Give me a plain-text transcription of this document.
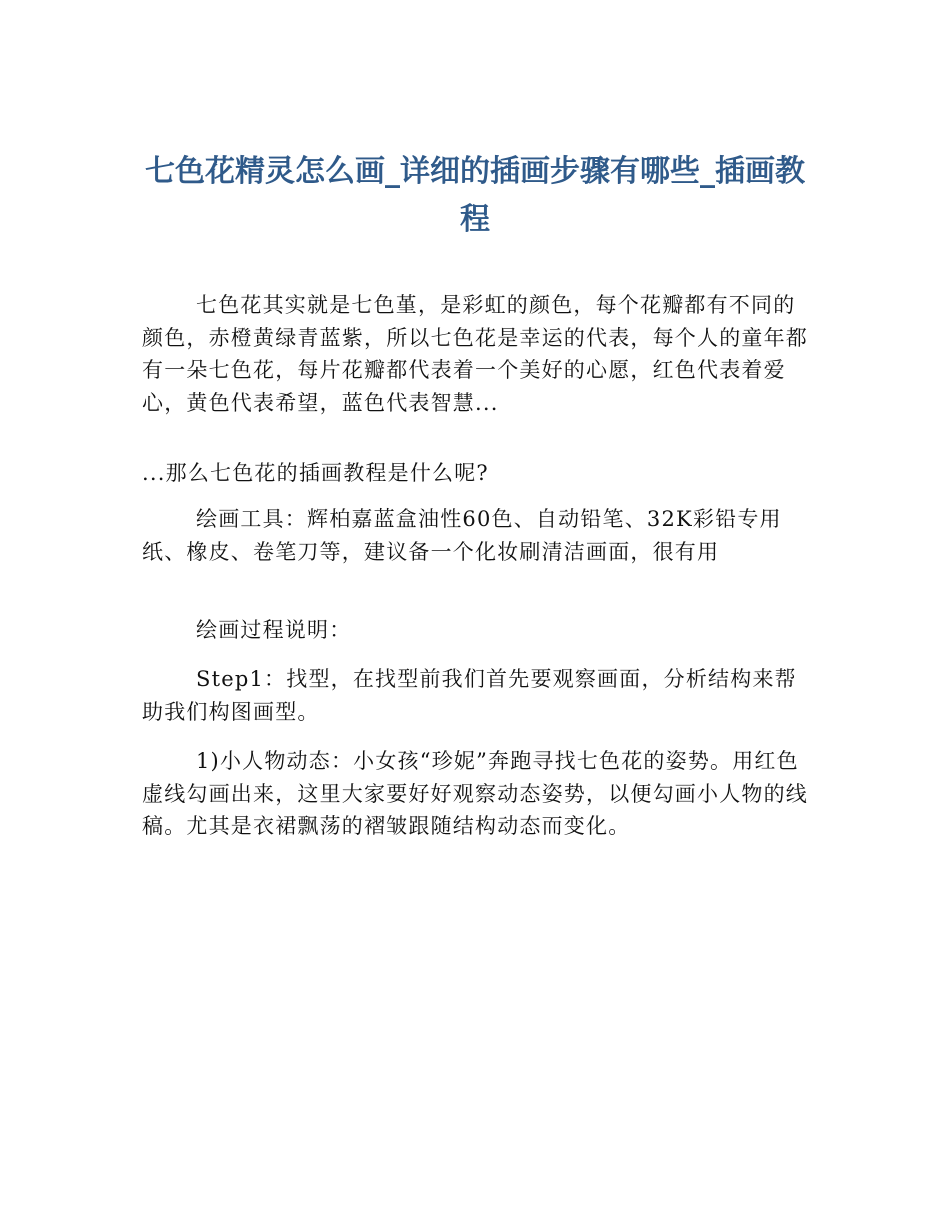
七色花精灵怎么画_详细的插画步骤有哪些_插画教程

七色花其实就是七色堇，是彩虹的颜色，每个花瓣都有不同的颜色，赤橙黄绿青蓝紫，所以七色花是幸运的代表，每个人的童年都有一朵七色花，每片花瓣都代表着一个美好的心愿，红色代表着爱心，黄色代表希望，蓝色代表智慧...

...那么七色花的插画教程是什么呢?

绘画工具：辉柏嘉蓝盒油性60色、自动铅笔、32K彩铅专用纸、橡皮、卷笔刀等，建议备一个化妆刷清洁画面，很有用

绘画过程说明：

Step1：找型，在找型前我们首先要观察画面，分析结构来帮助我们构图画型。

1)小人物动态：小女孩“珍妮”奔跑寻找七色花的姿势。用红色虚线勾画出来，这里大家要好好观察动态姿势，以便勾画小人物的线稿。尤其是衣裙飘荡的褶皱跟随结构动态而变化。
